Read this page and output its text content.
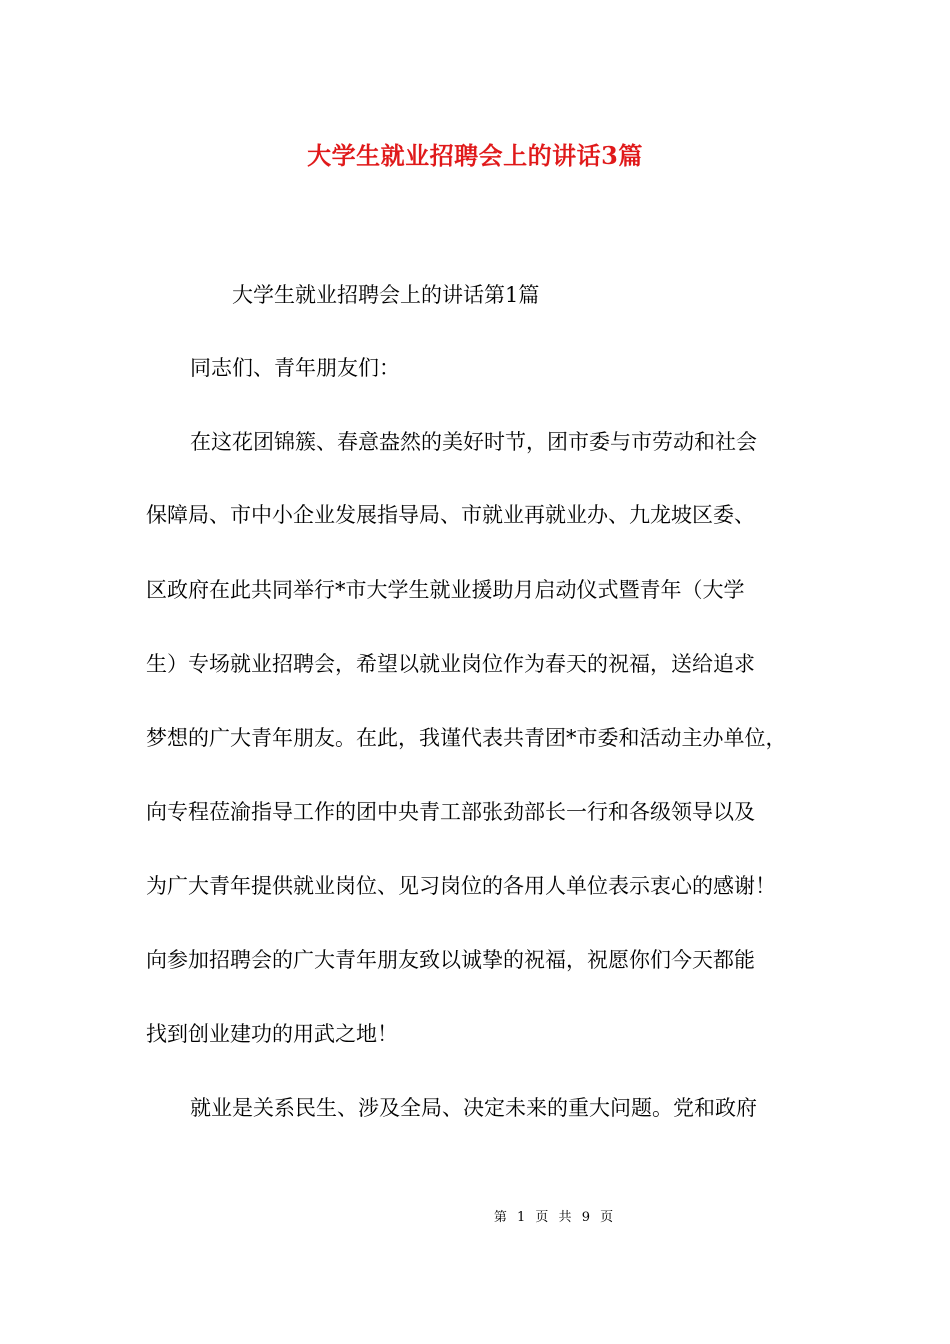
大学生就业招聘会上的讲话3篇
大学生就业招聘会上的讲话第1篇
同志们、青年朋友们：
在这花团锦簇、春意盎然的美好时节，团市委与市劳动和社会
保障局、市中小企业发展指导局、市就业再就业办、九龙坡区委、
区政府在此共同举行*市大学生就业援助月启动仪式暨青年（大学
生）专场就业招聘会，希望以就业岗位作为春天的祝福，送给追求
梦想的广大青年朋友。在此，我谨代表共青团*市委和活动主办单位，
向专程莅渝指导工作的团中央青工部张劲部长一行和各级领导以及
为广大青年提供就业岗位、见习岗位的各用人单位表示衷心的感谢！
向参加招聘会的广大青年朋友致以诚挚的祝福，祝愿你们今天都能
找到创业建功的用武之地！
就业是关系民生、涉及全局、决定未来的重大问题。党和政府
第 1 页 共 9 页
